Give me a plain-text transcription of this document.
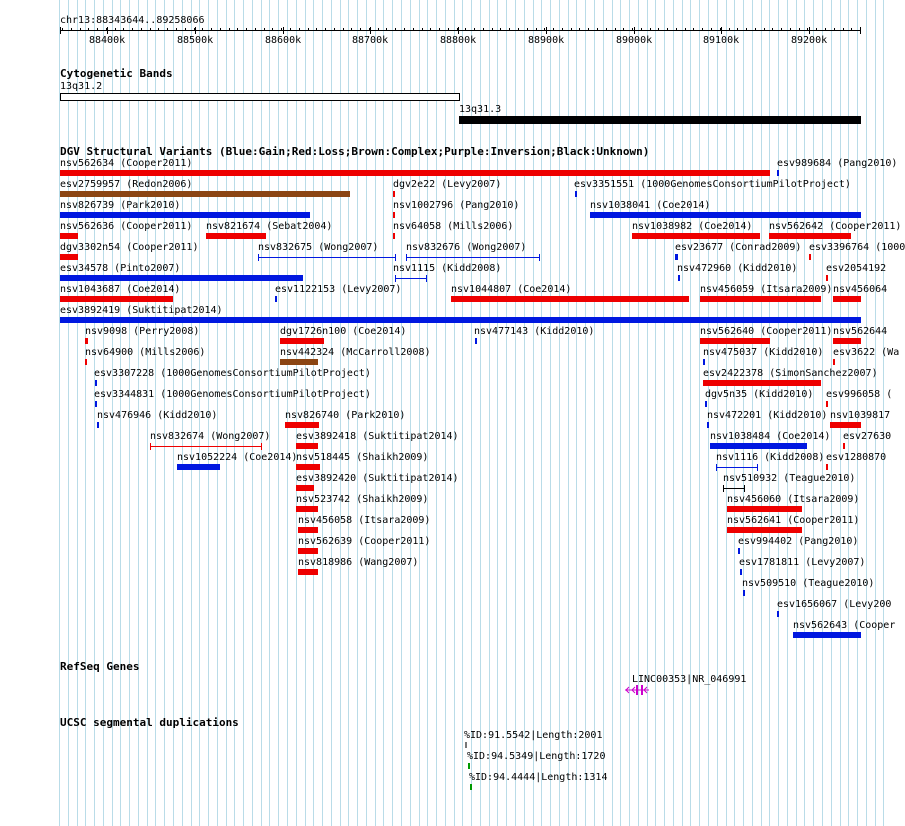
chr13:88343644..89258066
88400k	88500k	88600k	88700k	88800k	88900k	89000k	89100k	89200k
Cytogenetic Bands
13q31.2
13q31.3
DGV Structural Variants (Blue:Gain;Red:Loss;Brown:Complex;Purple:Inversion;Black:Unknown)
nsv562634 (Cooper2011)	esv989684 (Pang2010)
esv2759957 (Redon2006)	dgv2e22 (Levy2007)	esv3351551 (1000GenomesConsortiumPilotProject)
nsv826739 (Park2010)	nsv1002796 (Pang2010)	nsv1038041 (Coe2014)
nsv562636 (Cooper2011) nsv821674 (Sebat2004)	nsv64058 (Mills2006)	nsv1038982 (Coe2014) nsv562642 (Cooper2011)
dgv3302n54 (Cooper2011)	nsv832675 (Wong2007)	nsv832676 (Wong2007)	esv23677 (Conrad2009) esv3396764 (1000
esv34578 (Pinto2007)	nsv1115 (Kidd2008)	nsv472960 (Kidd2010)	esv2054192
nsv1043687 (Coe2014)	esv1122153 (Levy2007)	nsv1044807 (Coe2014)	nsv456059 (Itsara2009) nsv456064
esv3892419 (Suktitipat2014)
nsv9098 (Perry2008)	dgv1726n100 (Coe2014)	nsv477143 (Kidd2010)	nsv562640 (Cooper2011) nsv562644
nsv64900 (Mills2006)	nsv442324 (McCarroll2008)	nsv475037 (Kidd2010) esv3622 (Wa
esv3307228 (1000GenomesConsortiumPilotProject)	esv2422378 (SimonSanchez2007)
esv3344831 (1000GenomesConsortiumPilotProject)	dgv5n35 (Kidd2010) esv996058 (
nsv476946 (Kidd2010)	nsv826740 (Park2010)	nsv472201 (Kidd2010) nsv1039817
nsv832674 (Wong2007)	esv3892418 (Suktitipat2014)	nsv1038484 (Coe2014) esv27630
nsv1052224 (Coe2014)
nsv518445 (Shaikh2009)	nsv1116 (Kidd2008) esv1280870
esv3892420 (Suktitipat2014)	nsv510932 (Teague2010)
nsv523742 (Shaikh2009)	nsv456060 (Itsara2009)
nsv456058 (Itsara2009)	nsv562641 (Cooper2011)
nsv562639 (Cooper2011)	esv994402 (Pang2010)
nsv818986 (Wang2007)	esv1781811 (Levy2007)
nsv509510 (Teague2010)
esv1656067 (Levy200
nsv562643 (Cooper
RefSeq Genes
LINC00353|NR_046991
UCSC segmental duplications
%ID:91.5542|Length:2001
%ID:94.5349|Length:1720
%ID:94.4444|Length:1314
